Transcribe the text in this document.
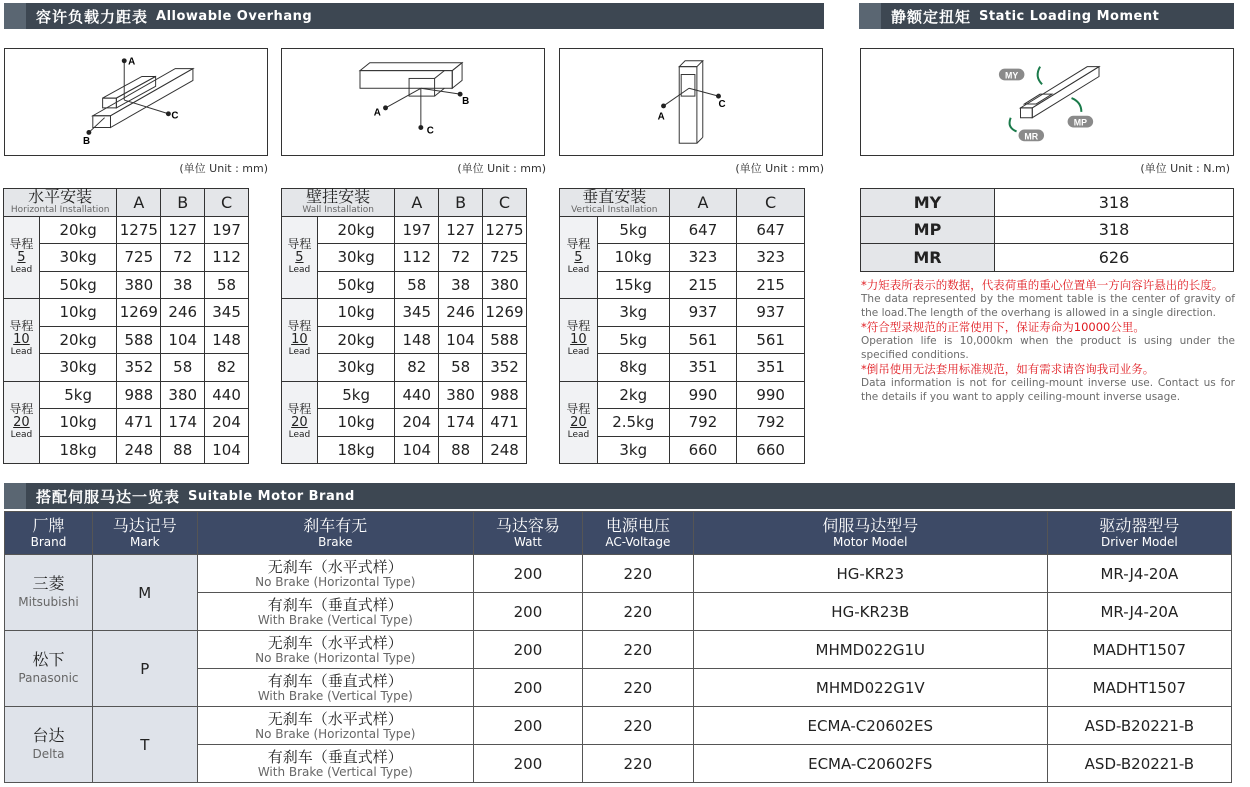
容许负载力距表 Allowable Overhang	静额定扭矩 Static Loading Moment
A
C
B
(单位 Unit : mm)
C
B
A
(单位 Unit : mm)
C
A
(单位 Unit : mm)
MY
MP
MR
(单位 Unit : N.m)
水平安装
Horizontal Installation		A	B	C

导程
5
Lead	20kg	1275	127	197
	30kg	725	72	112
	50kg	380	38	58

导程
10
Lead	10kg	1269	246	345
	20kg	588	104	148
	30kg	352	58	82

导程
20
Lead	5kg	988	380	440
	10kg	471	174	204
	18kg	248	88	104
壁挂安装
Wall Installation		A	B	C

导程
5
Lead	20kg	197	127	1275
	30kg	112	72	725
	50kg	58	38	380

导程
10
Lead	10kg	345	246	1269
	20kg	148	104	588
	30kg	82	58	352

导程
20
Lead	5kg	440	380	988
	10kg	204	174	471
	18kg	104	88	248
垂直安装
Vertical Installation		A	C

导程
5
Lead	5kg	647	647
	10kg	323	323
	15kg	215	215

导程
10
Lead	3kg	937	937
	5kg	561	561
	8kg	351	351

导程
20
Lead	2kg	990	990
	2.5kg	792	792
	3kg	660	660
MY	318
MP	318
MR	626
*力矩表所表示的数据，代表荷重的重心位置单一方向容许悬出的长度。
The data represented by the moment table is the center of gravity of the load.The length of the overhang is allowed in a single direction.
*符合型录规范的正常使用下，保证寿命为10000公里。
Operation life is 10,000km when the product is using under the specified conditions.
*倒吊使用无法套用标准规范，如有需求请咨询我司业务。
Data information is not for ceiling-mount inverse use. Contact us for the details if you want to apply ceiling-mount inverse usage.
搭配伺服马达一览表 Suitable Motor Brand
厂牌
Brand	马达记号
Mark	刹车有无
Brake	马达容易
Watt	电源电压
AC-Voltage	伺服马达型号
Motor Model	驱动器型号
Driver Model

三菱
Mitsubishi	M	无刹车（水平式样）
No Brake (Horizontal Type)	200	220	HG-KR23	MR-J4-20A

		有刹车（垂直式样）
With Brake (Vertical Type)	200	220	HG-KR23B	MR-J4-20A

松下
Panasonic	P	无刹车（水平式样）
No Brake (Horizontal Type)	200	220	MHMD022G1U	MADHT1507

		有刹车（垂直式样）
With Brake (Vertical Type)	200	220	MHMD022G1V	MADHT1507

台达
Delta	T	无刹车（水平式样）
No Brake (Horizontal Type)	200	220	ECMA-C20602ES	ASD-B20221-B

		有刹车（垂直式样）
With Brake (Vertical Type)	200	220	ECMA-C20602FS	ASD-B20221-B
